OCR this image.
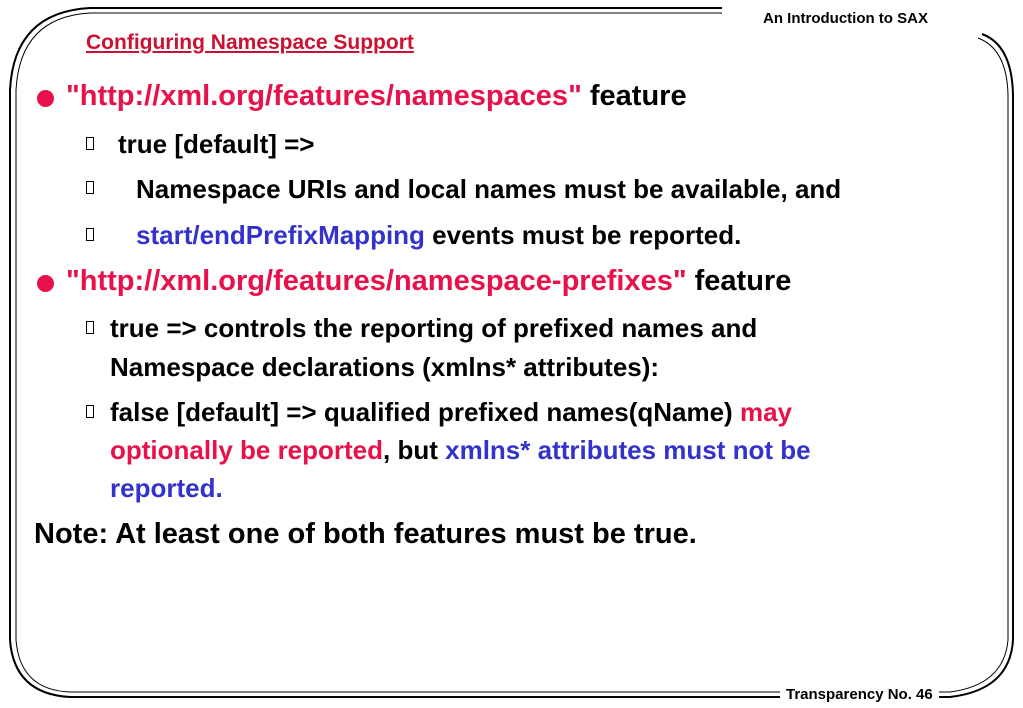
An Introduction to SAX
Transparency No. 46
Configuring Namespace Support
"http://xml.org/features/namespaces" feature
true [default] =>
Namespace URIs and local names must be available, and
start/endPrefixMapping events must be reported.
"http://xml.org/features/namespace-prefixes" feature
true => controls the reporting of prefixed names and
Namespace declarations (xmlns* attributes):
false [default] => qualified prefixed names(qName) may
optionally be reported, but xmlns* attributes must not be
reported.
Note: At least one of both features must be true.
